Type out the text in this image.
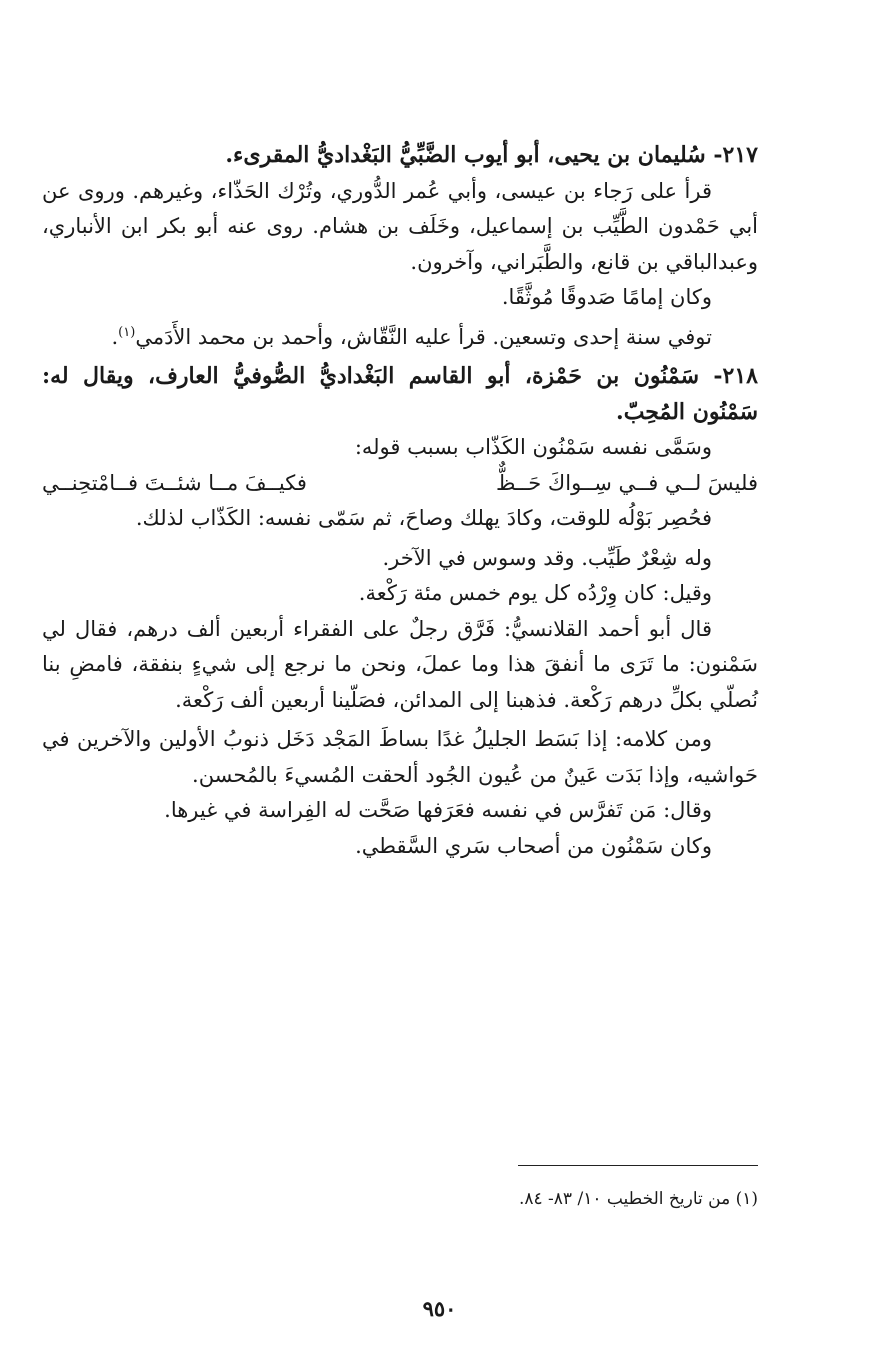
٢١٧- سُليمان بن يحيى، أبو أيوب الضَّبِّيُّ البَغْداديُّ المقرىء.

قرأ على رَجاء بن عيسى، وأبي عُمر الدُّوري، وتُرْك الحَذّاء، وغيرهم. وروى عن أبي حَمْدون الطَّيِّب بن إسماعيل، وخَلَف بن هشام. روى عنه أبو بكر ابن الأنباري، وعبدالباقي بن قانع، والطَّبَراني، وآخرون.

وكان إمامًا صَدوقًا مُوثَّقًا.

توفي سنة إحدى وتسعين. قرأ عليه النَّقّاش، وأحمد بن محمد الأَدَمي$^{(١)}$.

٢١٨- سَمْنُون بن حَمْزة، أبو القاسم البَغْداديُّ الصُّوفيُّ العارف، ويقال له: سَمْنُون المُحِبّ.

وسَمَّى نفسه سَمْنُون الكَذّاب بسبب قوله:

فليسَ لــي فــي سِــواكَ حَــظٌّ
فكيــفَ مــا شئــتَ فــامْتحِنــي

فحُصِر بَوْلُه للوقت، وكادَ يهلك وصاحَ، ثم سَمّى نفسه: الكَذّاب لذلك.

وله شِعْرٌ طَيِّب. وقد وسوس في الآخر.

وقيل: كان وِرْدُه كل يوم خمس مئة رَكْعة.

قال أبو أحمد القلانسيُّ: فَرَّق رجلٌ على الفقراء أربعين ألف درهم، فقال لي سَمْنون: ما تَرَى ما أنفقَ هذا وما عملَ، ونحن ما نرجع إلى شيءٍ بنفقة، فامضِ بنا نُصلّي بكلِّ درهم رَكْعة. فذهبنا إلى المدائن، فصَلّينا أربعين ألف رَكْعة.

ومن كلامه: إذا بَسَط الجليلُ غدًا بساطَ المَجْد دَخَل ذنوبُ الأولين والآخرين في حَواشيه، وإذا بَدَت عَينٌ من عُيون الجُود ألحقت المُسيءَ بالمُحسن.

وقال: مَن تَفرَّس في نفسه فعَرَفها صَحَّت له الفِراسة في غيرها.

وكان سَمْنُون من أصحاب سَري السَّقطي.

(١) من تاريخ الخطيب ١٠/ ٨٣- ٨٤.
٩٥٠
